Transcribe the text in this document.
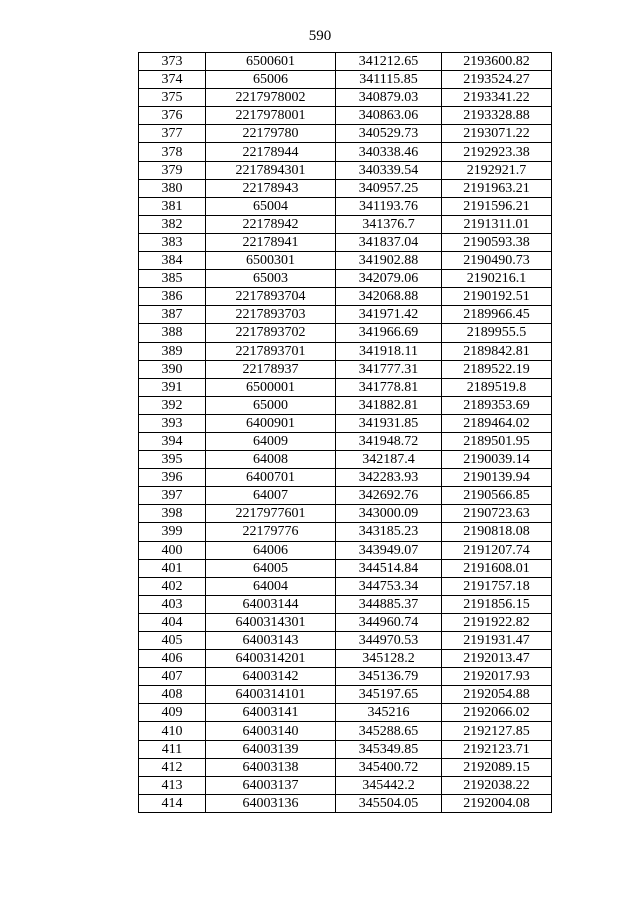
590
373	6500601	341212.65	2193600.82
374	65006	341115.85	2193524.27
375	2217978002	340879.03	2193341.22
376	2217978001	340863.06	2193328.88
377	22179780	340529.73	2193071.22
378	22178944	340338.46	2192923.38
379	2217894301	340339.54	2192921.7
380	22178943	340957.25	2191963.21
381	65004	341193.76	2191596.21
382	22178942	341376.7	2191311.01
383	22178941	341837.04	2190593.38
384	6500301	341902.88	2190490.73
385	65003	342079.06	2190216.1
386	2217893704	342068.88	2190192.51
387	2217893703	341971.42	2189966.45
388	2217893702	341966.69	2189955.5
389	2217893701	341918.11	2189842.81
390	22178937	341777.31	2189522.19
391	6500001	341778.81	2189519.8
392	65000	341882.81	2189353.69
393	6400901	341931.85	2189464.02
394	64009	341948.72	2189501.95
395	64008	342187.4	2190039.14
396	6400701	342283.93	2190139.94
397	64007	342692.76	2190566.85
398	2217977601	343000.09	2190723.63
399	22179776	343185.23	2190818.08
400	64006	343949.07	2191207.74
401	64005	344514.84	2191608.01
402	64004	344753.34	2191757.18
403	64003144	344885.37	2191856.15
404	6400314301	344960.74	2191922.82
405	64003143	344970.53	2191931.47
406	6400314201	345128.2	2192013.47
407	64003142	345136.79	2192017.93
408	6400314101	345197.65	2192054.88
409	64003141	345216	2192066.02
410	64003140	345288.65	2192127.85
411	64003139	345349.85	2192123.71
412	64003138	345400.72	2192089.15
413	64003137	345442.2	2192038.22
414	64003136	345504.05	2192004.08
